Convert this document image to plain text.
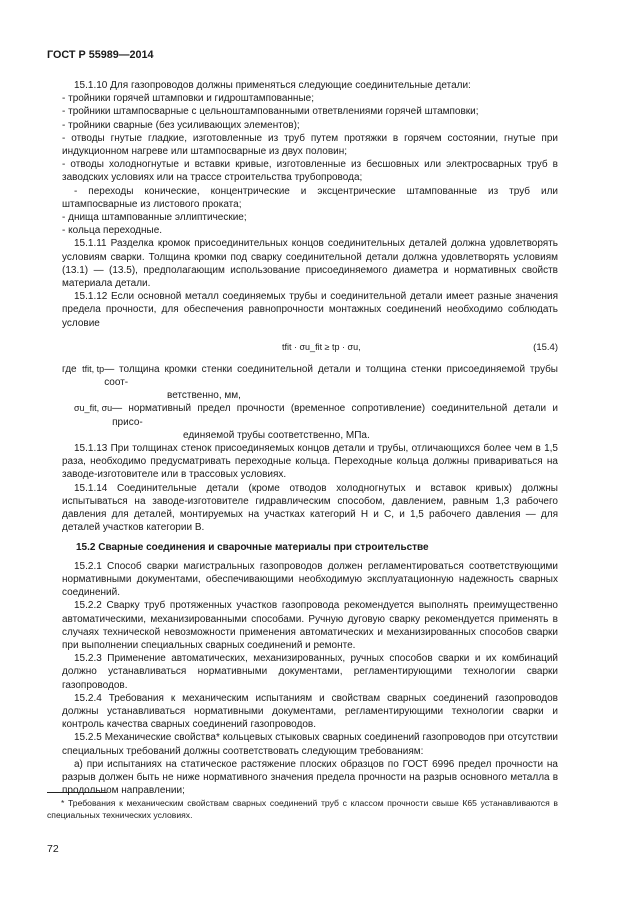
ГОСТ Р 55989—2014

15.1.10 Для газопроводов должны применяться следующие соединительные детали:

- тройники горячей штамповки и гидроштампованные;

- тройники штампосварные с цельноштампованными ответвлениями горячей штамповки;

- тройники сварные (без усиливающих элементов);

- отводы гнутые гладкие, изготовленные из труб путем протяжки в горячем состоянии, гнутые при индукционном нагреве или штампосварные из двух половин;

- отводы холодногнутые и вставки кривые, изготовленные из бесшовных или электросварных труб в заводских условиях или на трассе строительства трубопровода;

- переходы конические, концентрические и эксцентрические штампованные из труб или штампосварные из листового проката;

- днища штампованные эллиптические;

- кольца переходные.

15.1.11 Разделка кромок присоединительных концов соединительных деталей должна удовлетворять условиям сварки. Толщина кромки под сварку соединительной детали должна удовлетворять условиям (13.1) — (13.5), предполагающим использование присоединяемого диаметра и нормативных свойств материала детали.

15.1.12 Если основной металл соединяемых трубы и соединительной детали имеет разные значения предела прочности, для обеспечения равнопрочности монтажных соединений необходимо соблюдать условие

tfit · σu_fit ≥ tp · σu,	(15.4)
где
tfit, tp — толщина кромки стенки соединительной детали и толщина стенки присоединяемой трубы соот-
ветственно, мм,
σu_fit, σu — нормативный предел прочности (временное сопротивление) соединительной детали и присо-
единяемой трубы соответственно, МПа.

15.1.13 При толщинах стенок присоединяемых концов детали и трубы, отличающихся более чем в 1,5 раза, необходимо предусматривать переходные кольца. Переходные кольца должны привариваться на заводе-изготовителе или в трассовых условиях.

15.1.14 Соединительные детали (кроме отводов холодногнутых и вставок кривых) должны испытываться на заводе-изготовителе гидравлическим способом, давлением, равным 1,3 рабочего давления для деталей, монтируемых на участках категорий Н и С, и 1,5 рабочего давления — для деталей участков категории В.

15.2 Сварные соединения и сварочные материалы при строительстве

15.2.1 Способ сварки магистральных газопроводов должен регламентироваться соответствующими нормативными документами, обеспечивающими необходимую эксплуатационную надежность сварных соединений.

15.2.2 Сварку труб протяженных участков газопровода рекомендуется выполнять преимущественно автоматическими, механизированными способами. Ручную дуговую сварку рекомендуется применять в случаях технической невозможности применения автоматических и механизированных способов сварки при выполнении специальных сварных соединений и ремонте.

15.2.3 Применение автоматических, механизированных, ручных способов сварки и их комбинаций должно устанавливаться нормативными документами, регламентирующими технологии сварки газопроводов.

15.2.4 Требования к механическим испытаниям и свойствам сварных соединений газопроводов должны устанавливаться нормативными документами, регламентирующими технологии сварки и контроль качества сварных соединений газопроводов.

15.2.5 Механические свойства* кольцевых стыковых сварных соединений газопроводов при отсутствии специальных требований должны соответствовать следующим требованиям:

а) при испытаниях на статическое растяжение плоских образцов по ГОСТ 6996 предел прочности на разрыв должен быть не ниже нормативного значения предела прочности на разрыв основного металла в продольном направлении;

* Требования к механическим свойствам сварных соединений труб с классом прочности свыше К65 устанавливаются в специальных технических условиях.
72
